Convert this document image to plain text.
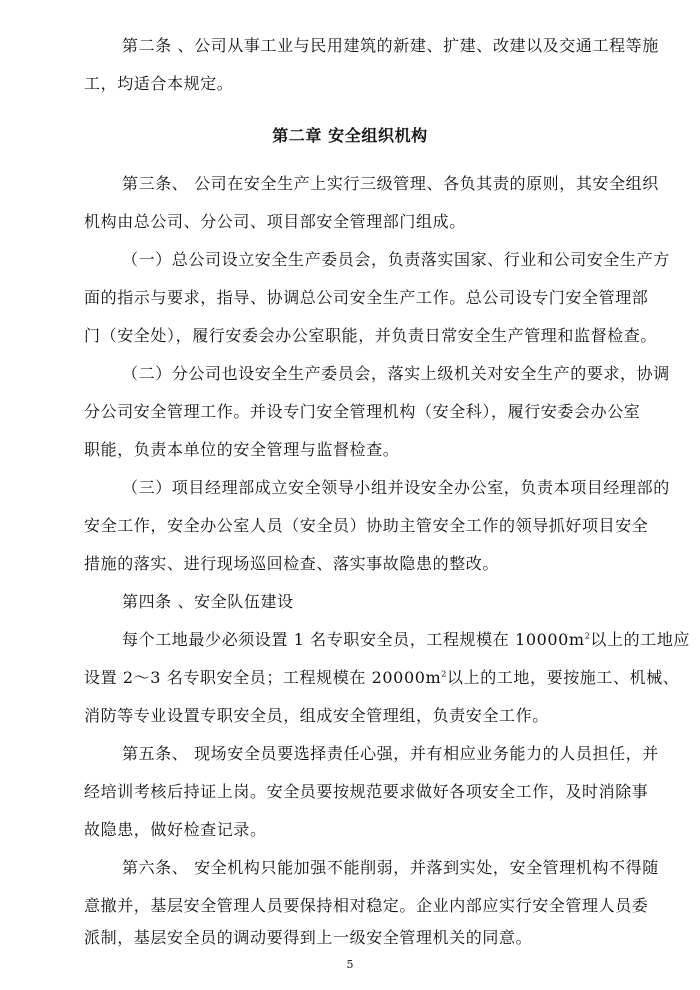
第二条 、公司从事工业与民用建筑的新建、扩建、改建以及交通工程等施
工，均适合本规定。
第二章 安全组织机构
第三条、 公司在安全生产上实行三级管理、各负其责的原则，其安全组织
机构由总公司、分公司、项目部安全管理部门组成。
（一）总公司设立安全生产委员会，负责落实国家、行业和公司安全生产方
面的指示与要求，指导、协调总公司安全生产工作。总公司设专门安全管理部
门（安全处），履行安委会办公室职能，并负责日常安全生产管理和监督检查。
（二）分公司也设安全生产委员会，落实上级机关对安全生产的要求，协调
分公司安全管理工作。并设专门安全管理机构（安全科），履行安委会办公室
职能，负责本单位的安全管理与监督检查。
（三）项目经理部成立安全领导小组并设安全办公室，负责本项目经理部的
安全工作，安全办公室人员（安全员）协助主管安全工作的领导抓好项目安全
措施的落实、进行现场巡回检查、落实事故隐患的整改。
第四条 、安全队伍建设
每个工地最少必须设置 1 名专职安全员，工程规模在 $10000m^2$以上的工地应
设置 2～3 名专职安全员；工程规模在 $20000m^2$以上的工地，要按施工、机械、
消防等专业设置专职安全员，组成安全管理组，负责安全工作。
第五条、 现场安全员要选择责任心强，并有相应业务能力的人员担任，并
经培训考核后持证上岗。安全员要按规范要求做好各项安全工作，及时消除事
故隐患，做好检查记录。
第六条、 安全机构只能加强不能削弱，并落到实处，安全管理机构不得随
意撤并，基层安全管理人员要保持相对稳定。企业内部应实行安全管理人员委
5
派制，基层安全员的调动要得到上一级安全管理机关的同意。
